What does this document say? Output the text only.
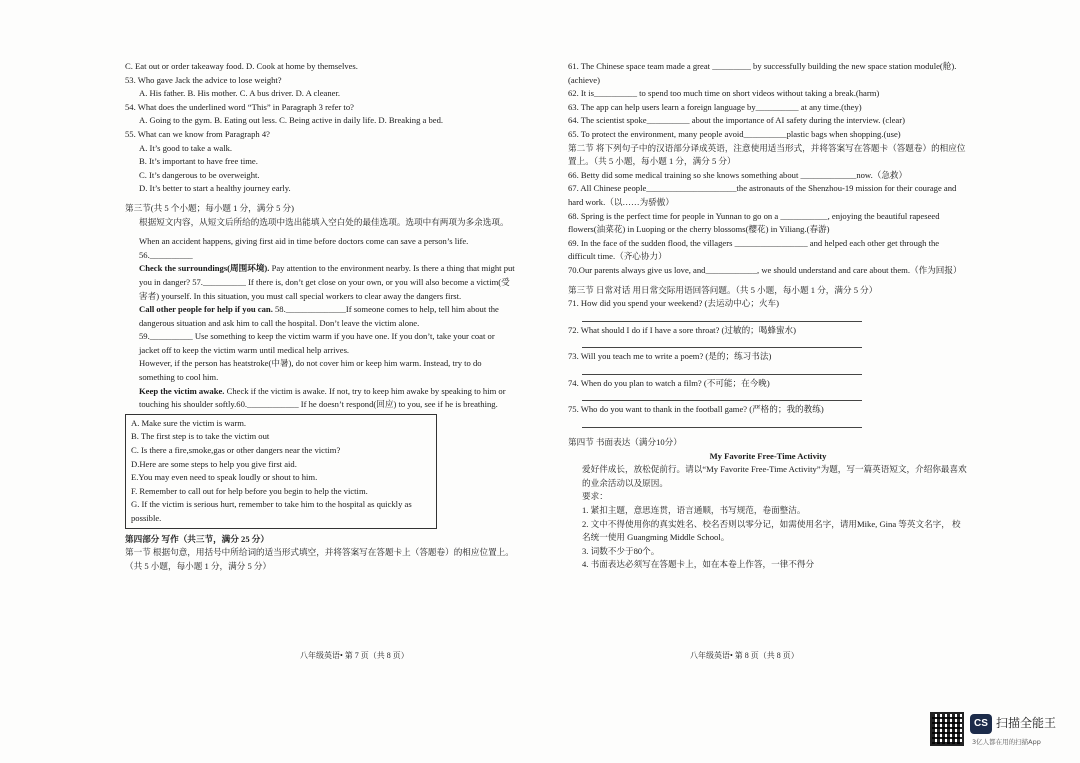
C. Eat out or order takeaway food. D. Cook at home by themselves.
53. Who gave Jack the advice to lose weight?
A. His father. B. His mother. C. A bus driver. D. A cleaner.
54. What does the underlined word “This” in Paragraph 3 refer to?
A. Going to the gym. B. Eating out less. C. Being active in daily life. D. Breaking a bed.
55. What can we know from Paragraph 4?
A. It’s good to take a walk.
B. It’s important to have free time.
C. It’s dangerous to be overweight.
D. It’s better to start a healthy journey early.
第三节(共 5 个小题；每小题 1 分，满分 5 分)
根据短文内容，从短文后所给的选项中选出能填入空白处的最佳选项。选项中有两项为多余选项。
When an accident happens, giving first aid in time before doctors come can save a person’s life. 56.__________
Check the surroundings(周围环境). Pay attention to the environment nearby. Is there a thing that might put you in danger? 57.__________ If there is, don’t get close on your own, or you will also become a victim(受害者) yourself. In this situation, you must call special workers to clear away the dangers first.
Call other people for help if you can. 58.______________If someone comes to help, tell him about the dangerous situation and ask him to call the hospital. Don’t leave the victim alone.
59.__________ Use something to keep the victim warm if you have one. If you don’t, take your coat or jacket off to keep the victim warm until medical help arrives.
However, if the person has heatstroke(中暑), do not cover him or keep him warm. Instead, try to do something to cool him.
Keep the victim awake. Check if the victim is awake. If not, try to keep him awake by speaking to him or touching his shoulder softly.60.____________ If he doesn’t respond(回应) to you, see if he is breathing.
A. Make sure the victim is warm.
B. The first step is to take the victim out
C. Is there a fire,smoke,gas or other dangers near the victim?
D.Here are some steps to help you give first aid.
E.You may even need to speak loudly or shout to him.
F. Remember to call out for help before you begin to help the victim.
G. If the victim is serious hurt, remember to take him to the hospital as quickly as possible.
第四部分 写作（共三节，满分 25 分）
第一节 根据句意，用括号中所给词的适当形式填空，并将答案写在答题卡上（答题卷）的相应位置上。（共 5 小题，每小题 1 分，满分 5 分）
八年级英语• 第 7 页（共 8 页）
61. The Chinese space team made a great _________ by successfully building the new space station module(舱). (achieve)
62. It is__________ to spend too much time on short videos without taking a break.(harm)
63. The app can help users learn a foreign language by__________ at any time.(they)
64. The scientist spoke__________ about the importance of AI safety during the interview. (clear)
65. To protect the environment, many people avoid__________plastic bags when shopping.(use)
第二节 将下列句子中的汉语部分译成英语，注意使用适当形式，并将答案写在答题卡（答题卷）的相应位置上。（共 5 小题，每小题 1 分，满分 5 分）
66. Betty did some medical training so she knows something about _____________now.（急救）
67. All Chinese people_____________________the astronauts of the Shenzhou-19 mission for their courage and hard work.（以……为骄傲）
68. Spring is the perfect time for people in Yunnan to go on a ___________, enjoying the beautiful rapeseed flowers(油菜花) in Luoping or the cherry blossoms(樱花) in Yiliang.(春游)
69. In the face of the sudden flood, the villagers _________________ and helped each other get through the difficult time.（齐心协力）
70.Our parents always give us love, and____________, we should understand and care about them.（作为回报）
第三节 日常对话 用日常交际用语回答问题。（共 5 小题，每小题 1 分，满分 5 分）
71. How did you spend your weekend? (去运动中心；火车)
72. What should I do if I have a sore throat? (过敏的；喝蜂蜜水)
73. Will you teach me to write a poem? (是的；练习书法)
74. When do you plan to watch a film? (不可能；在今晚)
75. Who do you want to thank in the football game? (严格的；我的教练)
第四节 书面表达（满分10分）
My Favorite Free-Time Activity
爱好伴成长，放松促前行。请以“My Favorite Free-Time Activity”为题，写一篇英语短文，介绍你最喜欢的业余活动以及原因。
要求：
1. 紧扣主题，意思连贯，语言通顺，书写规范，卷面整洁。
2. 文中不得使用你的真实姓名、校名否则以零分记，如需使用名字，请用Mike, Gina 等英文名字， 校名统一使用 Guangming Middle School。
3. 词数不少于80个。
4. 书面表达必须写在答题卡上，如在本卷上作答，一律不得分
八年级英语• 第 8 页（共 8 页）
CS 扫描全能王
3亿人都在用的扫描App
